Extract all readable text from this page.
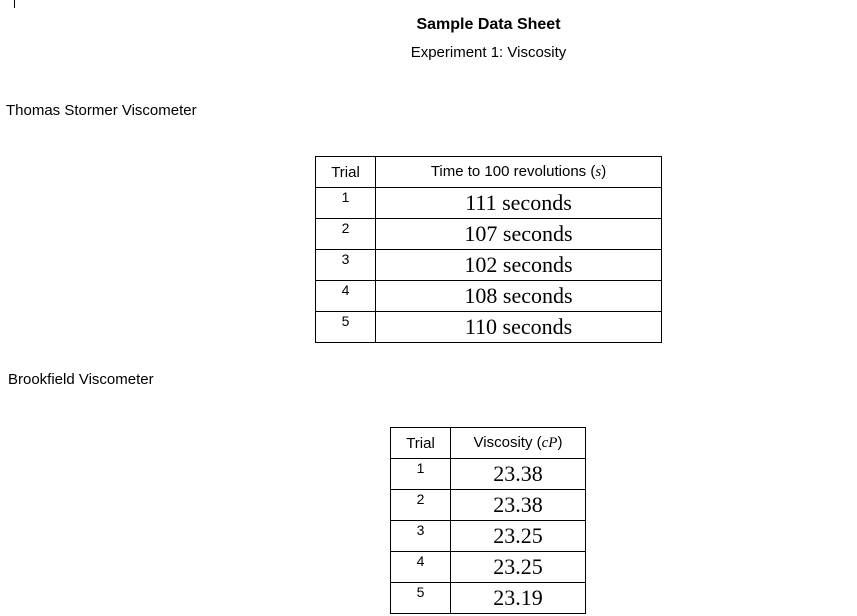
Sample Data Sheet
Experiment 1: Viscosity
Thomas Stormer Viscometer
Trial	Time to 100 revolutions (s)
1	111 seconds
2	107 seconds
3	102 seconds
4	108 seconds
5	110 seconds
Brookfield Viscometer
Trial	Viscosity (cP)
1	23.38
2	23.38
3	23.25
4	23.25
5	23.19
